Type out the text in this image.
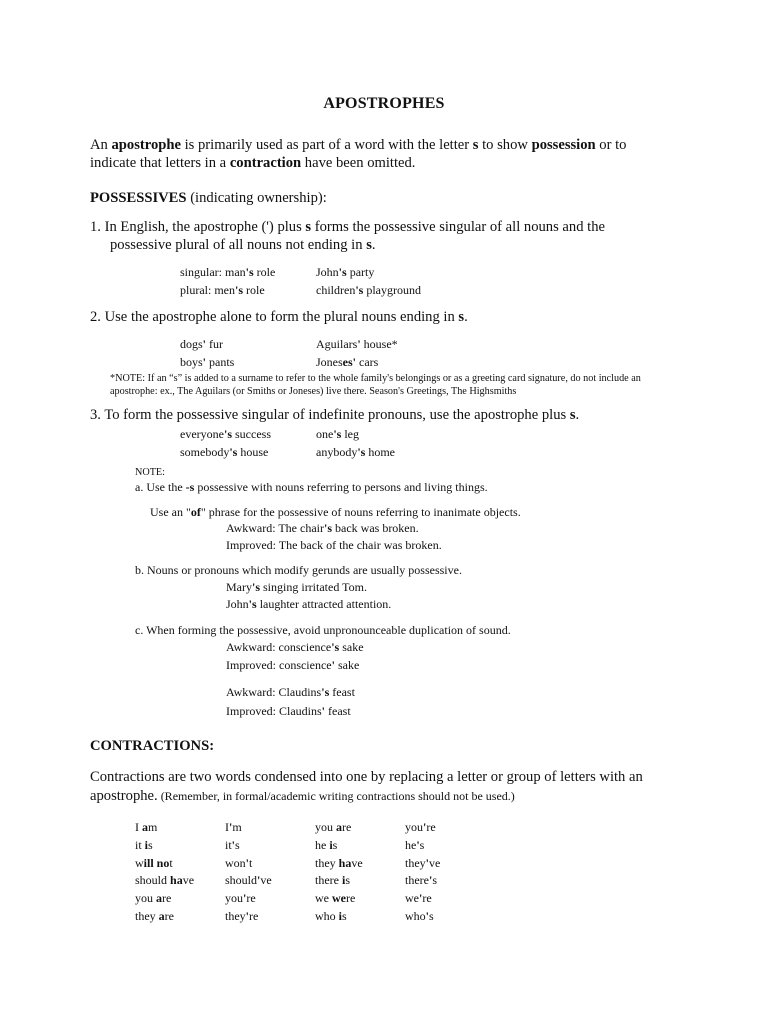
APOSTROPHES
An apostrophe is primarily used as part of a word with the letter s to show possession or to
indicate that letters in a contraction have been omitted.
POSSESSIVES (indicating ownership):
1. In English, the apostrophe (') plus s forms the possessive singular of all nouns and the
possessive plural of all nouns not ending in s.
singular: man's role	John's party
plural: men's role	children's playground
2. Use the apostrophe alone to form the plural nouns ending in s.
dogs' fur	Aguilars' house*
boys' pants	Joneses' cars
*NOTE: If an “s” is added to a surname to refer to the whole family's belongings or as a greeting card signature, do not include an
apostrophe: ex., The Aguilars (or Smiths or Joneses) live there. Season's Greetings, The Highsmiths
3. To form the possessive singular of indefinite pronouns, use the apostrophe plus s.
everyone's success	one's leg
somebody's house	anybody's home
NOTE:
a. Use the -s possessive with nouns referring to persons and living things.
Use an "of" phrase for the possessive of nouns referring to inanimate objects.
Awkward: The chair's back was broken.
Improved: The back of the chair was broken.
b. Nouns or pronouns which modify gerunds are usually possessive.
Mary's singing irritated Tom.
John's laughter attracted attention.
c. When forming the possessive, avoid unpronounceable duplication of sound.
Awkward: conscience's sake
Improved: conscience' sake
Awkward: Claudins's feast
Improved: Claudins' feast
CONTRACTIONS:
Contractions are two words condensed into one by replacing a letter or group of letters with an
apostrophe. (Remember, in formal/academic writing contractions should not be used.)
I am	I'm	you are	you're
it is	it's	he is	he's
will not	won't	they have	they've
should have	should've	there is	there's
you are	you're	we were	we're
they are	they're	who is	who's
